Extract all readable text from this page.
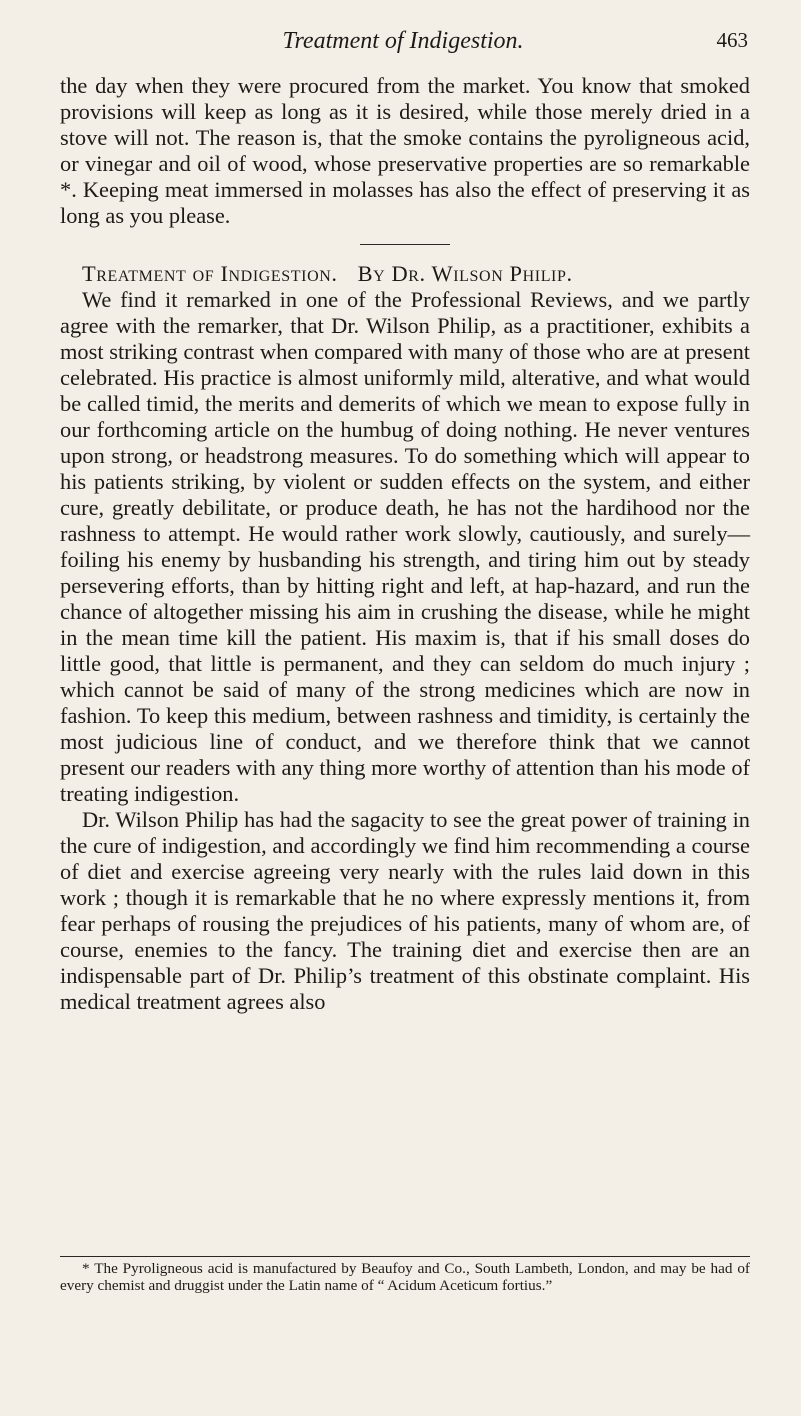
Treatment of Indigestion.	463

the day when they were procured from the market. You know that smoked provisions will keep as long as it is desired, while those merely dried in a stove will not. The reason is, that the smoke contains the pyroligneous acid, or vinegar and oil of wood, whose preservative properties are so remarkable *. Keeping meat immersed in molasses has also the effect of preserving it as long as you please.

Treatment of Indigestion. By Dr. Wilson Philip.

We find it remarked in one of the Professional Reviews, and we partly agree with the remarker, that Dr. Wilson Philip, as a practitioner, exhibits a most striking contrast when compared with many of those who are at present celebrated. His practice is almost uniformly mild, alterative, and what would be called timid, the merits and demerits of which we mean to expose fully in our forthcoming article on the humbug of doing nothing. He never ventures upon strong, or headstrong measures. To do something which will appear to his patients striking, by violent or sudden effects on the system, and either cure, greatly debilitate, or produce death, he has not the hardihood nor the rashness to attempt. He would rather work slowly, cautiously, and surely—foiling his enemy by husbanding his strength, and tiring him out by steady persevering efforts, than by hitting right and left, at hap-hazard, and run the chance of altogether missing his aim in crushing the disease, while he might in the mean time kill the patient. His maxim is, that if his small doses do little good, that little is permanent, and they can seldom do much injury ; which cannot be said of many of the strong medicines which are now in fashion. To keep this medium, between rashness and timidity, is certainly the most judicious line of conduct, and we therefore think that we cannot present our readers with any thing more worthy of attention than his mode of treating indigestion.

Dr. Wilson Philip has had the sagacity to see the great power of training in the cure of indigestion, and accordingly we find him recommending a course of diet and exercise agreeing very nearly with the rules laid down in this work ; though it is remarkable that he no where expressly mentions it, from fear perhaps of rousing the prejudices of his patients, many of whom are, of course, enemies to the fancy. The training diet and exercise then are an indispensable part of Dr. Philip’s treatment of this obstinate complaint. His medical treatment agrees also

* The Pyroligneous acid is manufactured by Beaufoy and Co., South Lambeth, London, and may be had of every chemist and druggist under the Latin name of “ Acidum Aceticum fortius.”
